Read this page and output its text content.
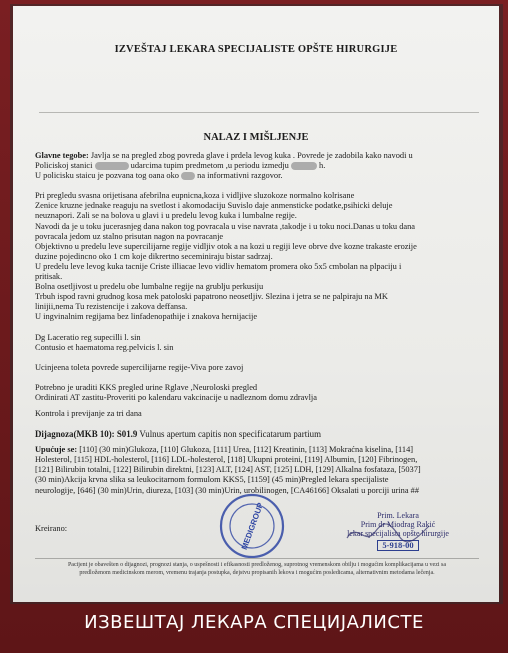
IZVEŠTAJ LEKARA SPECIJALISTE OPŠTE HIRURGIJE
NALAZ I MIŠLJENJE

Glavne tegobe: Javlja se na pregled zbog povreda glave i prdela levog kuka . Povrede je zadobila kako navodi u

Policiskoj stanici	udarcima tupim predmetom ,u periodu izmedju	h.

U policisku staicu je pozvana tog oana oko na informativni razgovor.

Pri pregledu svasna orijetisana afebrilna eupnicna,koza i vidljive sluzokoze normalno kolrisane

Zenice kruzne jednake reaguju na svetlost i akomodaciju Suvislo daje anmensticke podatke,psihicki deluje

neuznapori. Zali se na bolova u glavi i u predelu levog kuka i lumbalne regije.

Navodi da je u toku jucerasnjeg dana nakon tog povracala u vise navrata ,takodje i u toku noci.Danas u toku dana

povracala jedom uz stalno prisutan nagon na povracanje

Objektivno u predelu leve supercilijarne regije vidljiv otok a na kozi u regiji leve obrve dve kozne trakaste erozije

duzine pojedincno oko 1 cm koje dikrertno seceminiraju bistar sadrzaj.

U predelu leve levog kuka tacnije Criste illiacae levo vidliv hematom promera oko 5x5 cmbolan na plpaciju i

pritisak.

Bolna osetljivost u predelu obe lumbalne regije na grublju perkusiju

Trbuh ispod ravni grudnog kosa mek patoloski papatrono neosetljiv. Slezina i jetra se ne palpiraju na MK

linijii,nema Tu rezistencije i zakova deffansa.

U ingvinalnim regijama bez linfadenopathije i znakova hernijacije

Dg Laceratio reg supecilli l. sin

Contusio et haematoma reg.pelvicis l. sin

Ucinjeena toleta povrede supercilijarne regije-Viva pore zavoj

Potrebno je uraditi KKS pregled urine Rglave ,Neuroloski pregled

Ordinirati AT zastitu-Proveriti po kalendaru vakcinacije u nadleznom domu zdravlja

Kontrola i previjanje za tri dana

Dijagnoza(MKB 10): S01.9 Vulnus apertum capitis non specificatarum partium

Upućuje se: [110] (30 min)Glukoza, [110] Glukoza, [111] Urea, [112] Kreatinin, [113] Mokraćna kiselina, [114]

Holesterol, [115] HDL-holesterol, [116] LDL-holesterol, [118] Ukupni proteini, [119] Albumin, [120] Fibrinogen,

[121] Bilirubin totalni, [122] Bilirubin direktni, [123] ALT, [124] AST, [125] LDH, [129] Alkalna fosfataza, [5037]

(30 min)Akcija krvna slika sa leukocitarnom formulom KKS5, [1159] (45 min)Pregled lekara specijaliste

neurologije, [646] (30 min)Urin, diureza, [103] (30 min)Urin, urobilinogen, [CA46166] Oksalati u porciji urina ##

Kreirano:	MEDIGROUP	Prim. Lekara
Prim dr Miodrag Rakić
lekar specijalista opšte hirurgije
5-918-00
Pacijent je obavešten o dijagnozi, prognozi stanja, o uspešnosti i efikasnosti predloženog, suprotnog vremenskom obilju i mogućim komplikacijama u vezi sa
predloženom medicinskom merom, vremenu trajanja postupka, dejstvu propisanih lekova i mogućim posledicama, alternativnim metodama lečenja.
ИЗВЕШТАЈ ЛЕКАРА СПЕЦИЈАЛИСТЕ
